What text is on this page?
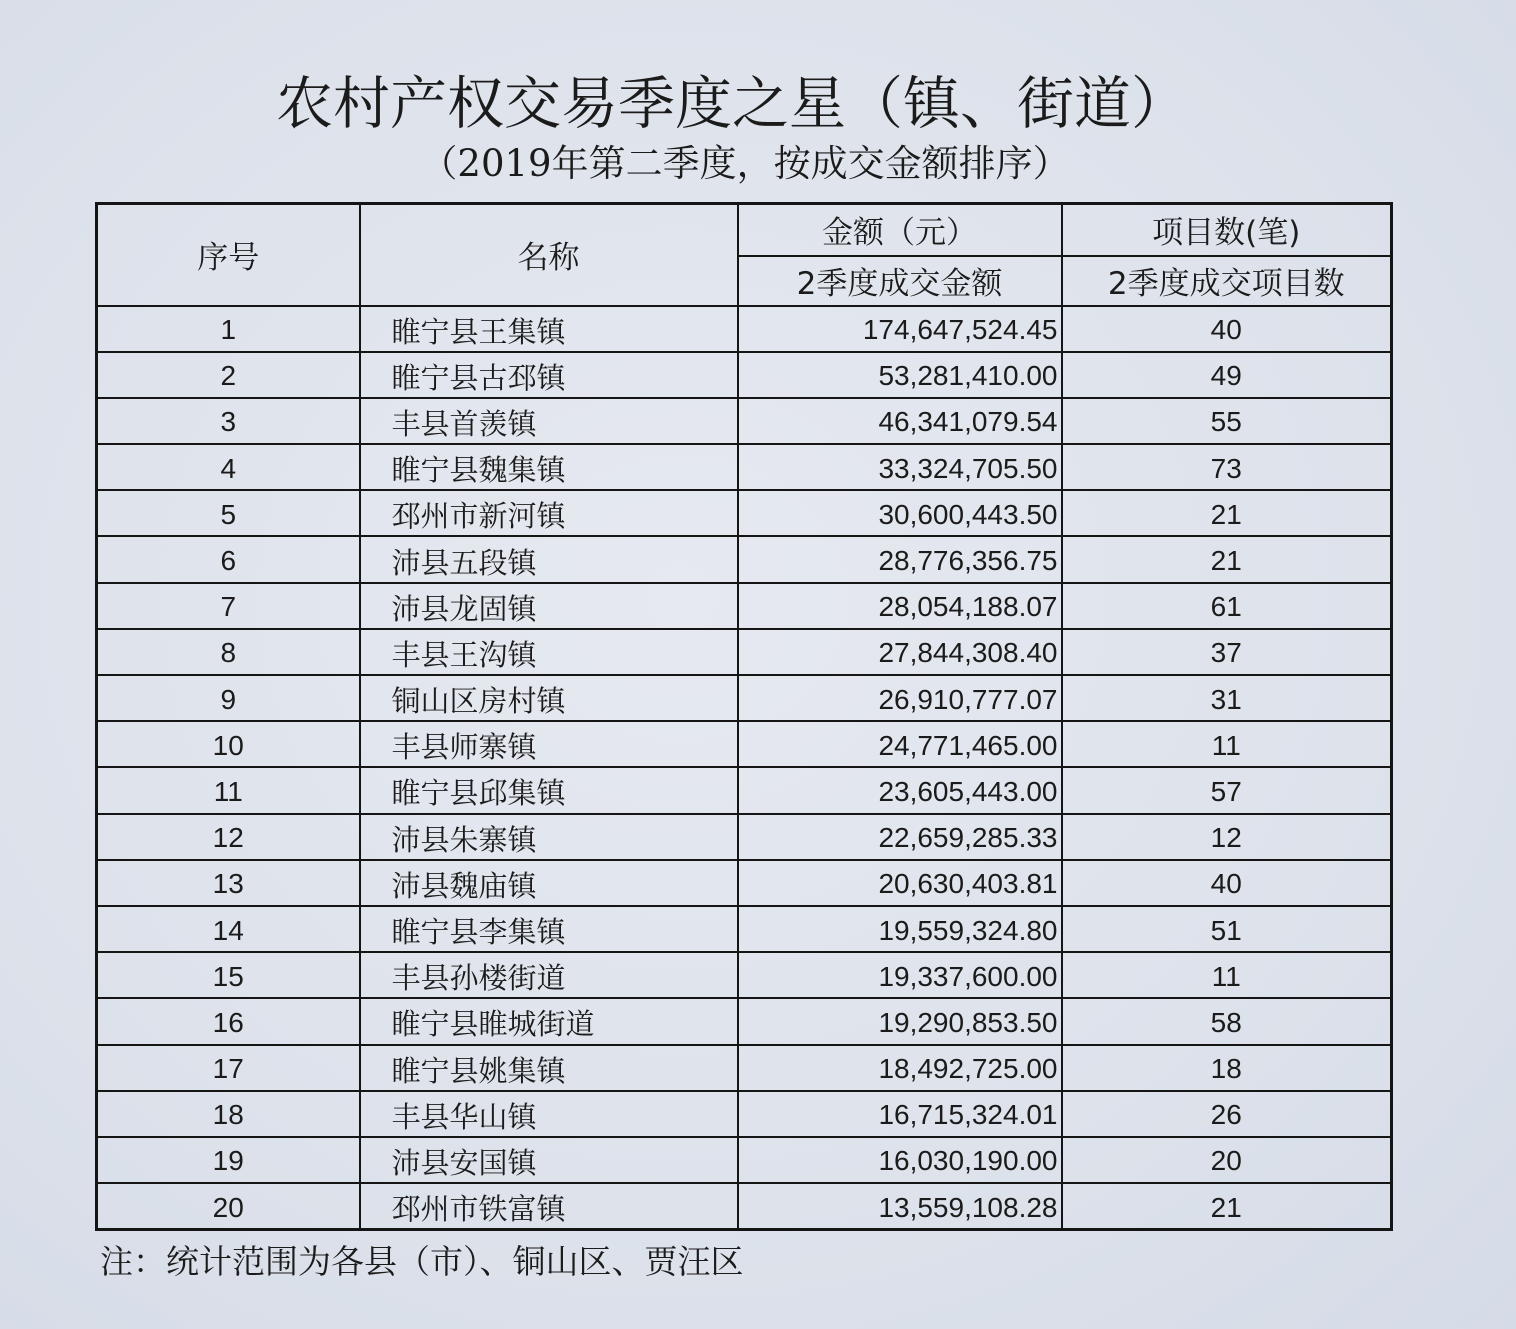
农村产权交易季度之星（镇、街道）
（2019年第二季度，按成交金额排序）
序号	名称	金额（元）	项目数(笔)
		2季度成交金额	2季度成交项目数
1	睢宁县王集镇	174,647,524.45	40
2	睢宁县古邳镇	53,281,410.00	49
3	丰县首羡镇	46,341,079.54	55
4	睢宁县魏集镇	33,324,705.50	73
5	邳州市新河镇	30,600,443.50	21
6	沛县五段镇	28,776,356.75	21
7	沛县龙固镇	28,054,188.07	61
8	丰县王沟镇	27,844,308.40	37
9	铜山区房村镇	26,910,777.07	31
10	丰县师寨镇	24,771,465.00	11
11	睢宁县邱集镇	23,605,443.00	57
12	沛县朱寨镇	22,659,285.33	12
13	沛县魏庙镇	20,630,403.81	40
14	睢宁县李集镇	19,559,324.80	51
15	丰县孙楼街道	19,337,600.00	11
16	睢宁县睢城街道	19,290,853.50	58
17	睢宁县姚集镇	18,492,725.00	18
18	丰县华山镇	16,715,324.01	26
19	沛县安国镇	16,030,190.00	20
20	邳州市铁富镇	13,559,108.28	21
注：统计范围为各县（市）、铜山区、贾汪区
